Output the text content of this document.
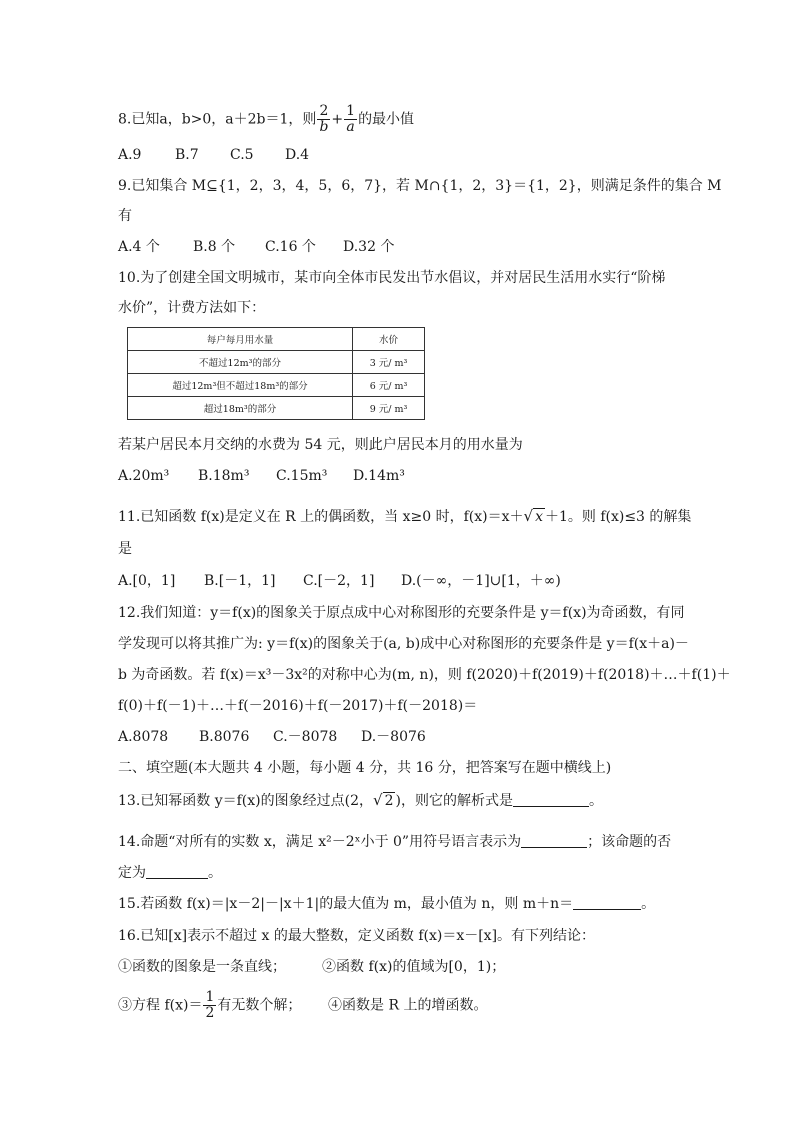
8.已知a，b>0，a＋2b＝1，则 $\frac{2}{b} + \frac{1}{a}$ 的最小值
A.9 B.7 C.5 D.4
9.已知集合 M⊆{1，2，3，4，5，6，7}，若 M∩{1，2，3}＝{1，2}，则满足条件的集合 M
有
A.4 个 B.8 个 C.16 个 D.32 个
10.为了创建全国文明城市，某市向全体市民发出节水倡议，并对居民生活用水实行“阶梯
水价”，计费方法如下：
每户每月用水量	水价
不超过12m³的部分	3 元/ m³
超过12m³但不超过18m³的部分	6 元/ m³
超过18m³的部分	9 元/ m³
若某户居民本月交纳的水费为 54 元，则此户居民本月的用水量为
A.20m³ B.18m³ C.15m³ D.14m³
11.已知函数 f(x)是定义在 R 上的偶函数，当 x≥0 时，f(x)＝x＋√ x ＋1。则 f(x)≤3 的解集
是
A.[0，1] B.[－1，1] C.[－2，1] D.(－∞，－1]∪[1，＋∞)
12.我们知道：y＝f(x)的图象关于原点成中心对称图形的充要条件是 y＝f(x)为奇函数，有同
学发现可以将其推广为: y＝f(x)的图象关于(a, b)成中心对称图形的充要条件是 y＝f(x＋a)－
b 为奇函数。若 f(x)＝x³－3x²的对称中心为(m, n)，则 f(2020)＋f(2019)＋f(2018)＋…＋f(1)＋
f(0)＋f(－1)＋…＋f(－2016)＋f(－2017)＋f(－2018)＝
A.8078 B.8076 C.－8078 D.－8076
二、填空题(本大题共 4 小题，每小题 4 分，共 16 分，把答案写在题中横线上)
13.已知幂函数 y＝f(x)的图象经过点(2，√ 2 )，则它的解析式是	。
14.命题“对所有的实数 x，满足 x²－2ˣ小于 0”用符号语言表示为	；该命题的否
定为	。
15.若函数 f(x)＝|x－2|－|x＋1|的最大值为 m，最小值为 n，则 m＋n＝	。
16.已知[x]表示不超过 x 的最大整数，定义函数 f(x)＝x－[x]。有下列结论：
①函数的图象是一条直线；	②函数 f(x)的值域为[0，1)；
③方程 $f(x)= \frac{1}{2}$ 有无数个解； ④函数是 R 上的增函数。
